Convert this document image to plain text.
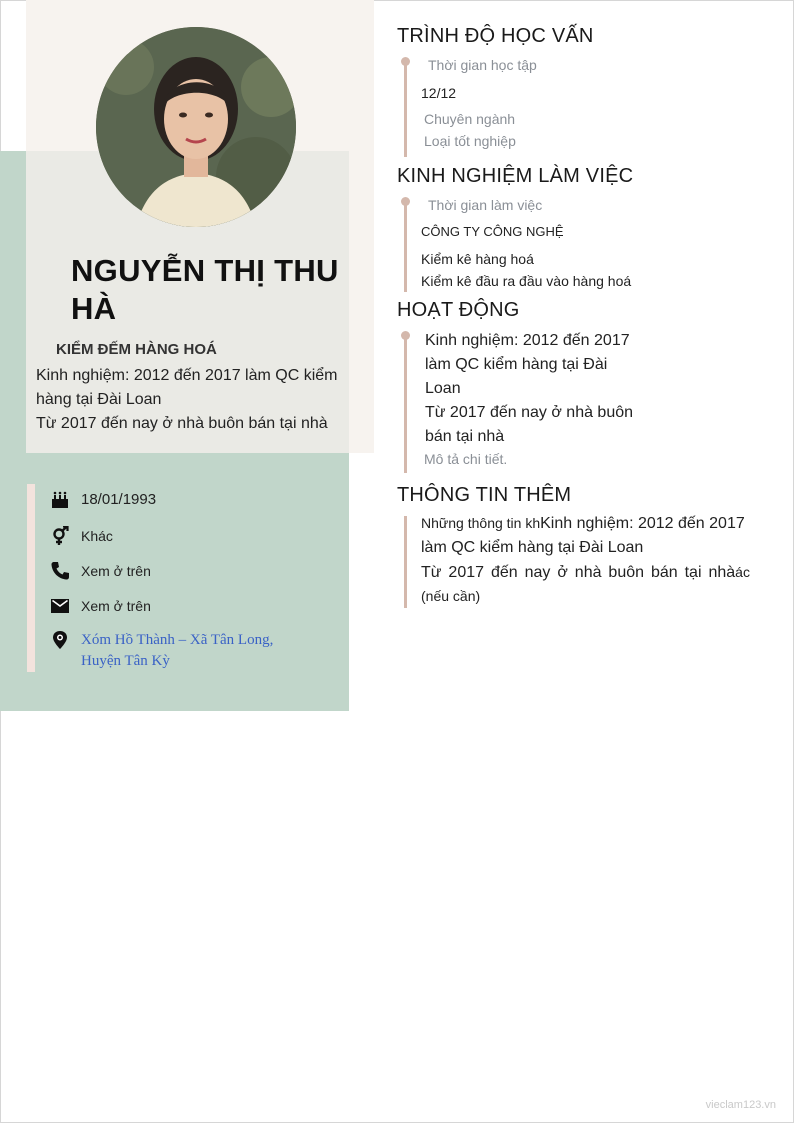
NGUYỄN THỊ THU
HÀ
KIỂM ĐẾM HÀNG HOÁ
Kinh nghiệm: 2012 đến 2017 làm QC kiểm
hàng tại Đài Loan
Từ 2017 đến nay ở nhà buôn bán tại nhà
18/01/1993
Khác
Xem ở trên
Xem ở trên
Xóm Hồ Thành – Xã Tân Long,
Huyện Tân Kỳ
TRÌNH ĐỘ HỌC VẤN
Thời gian học tập
12/12
Chuyên ngành
Loại tốt nghiệp
KINH NGHIỆM LÀM VIỆC
Thời gian làm việc
CÔNG TY CÔNG NGHỆ
Kiểm kê hàng hoá
Kiểm kê đầu ra đầu vào hàng hoá
HOẠT ĐỘNG
Kinh nghiệm: 2012 đến 2017
làm QC kiểm hàng tại Đài
Loan
Từ 2017 đến nay ở nhà buôn
bán tại nhà
Mô tả chi tiết.
THÔNG TIN THÊM
Những thông tin khKinh nghiệm: 2012 đến 2017
làm QC kiểm hàng tại Đài Loan
Từ 2017 đến nay ở nhà buôn bán tại nhàác
(nếu cần)
vieclam123.vn
